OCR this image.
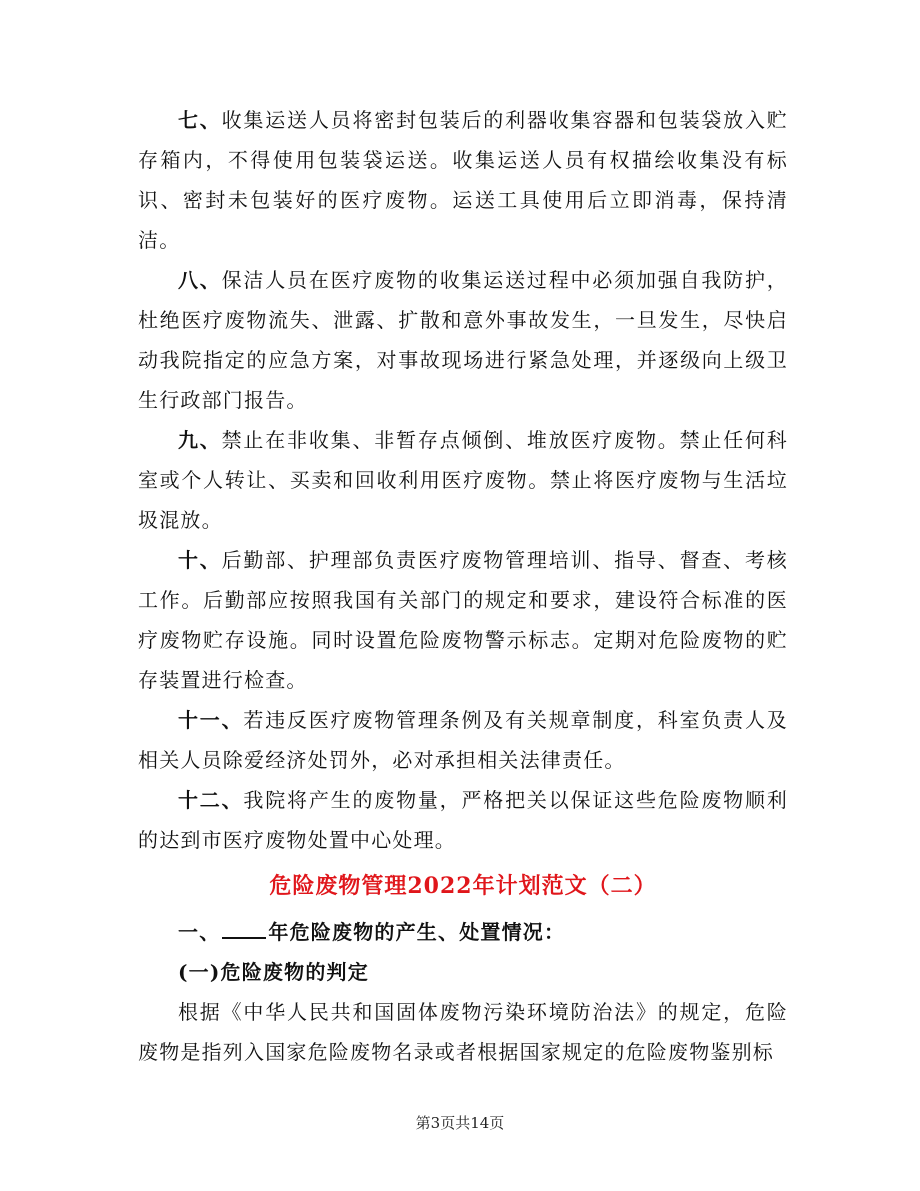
七、收集运送人员将密封包装后的利器收集容器和包装袋放入贮存箱内，不得使用包装袋运送。收集运送人员有权描绘收集没有标识、密封未包装好的医疗废物。运送工具使用后立即消毒，保持清洁。

八、保洁人员在医疗废物的收集运送过程中必须加强自我防护，杜绝医疗废物流失、泄露、扩散和意外事故发生，一旦发生，尽快启动我院指定的应急方案，对事故现场进行紧急处理，并逐级向上级卫生行政部门报告。

九、禁止在非收集、非暂存点倾倒、堆放医疗废物。禁止任何科室或个人转让、买卖和回收利用医疗废物。禁止将医疗废物与生活垃圾混放。

十、后勤部、护理部负责医疗废物管理培训、指导、督查、考核工作。后勤部应按照我国有关部门的规定和要求，建设符合标准的医疗废物贮存设施。同时设置危险废物警示标志。定期对危险废物的贮存装置进行检查。

十一、若违反医疗废物管理条例及有关规章制度，科室负责人及相关人员除爱经济处罚外，必对承担相关法律责任。

十二、我院将产生的废物量，严格把关以保证这些危险废物顺利的达到市医疗废物处置中心处理。

危险废物管理2022年计划范文（二）

一、 年危险废物的产生、处置情况：

(一)危险废物的判定

根据《中华人民共和国固体废物污染环境防治法》的规定，危险废物是指列入国家危险废物名录或者根据国家规定的危险废物鉴别标

第3页共14页
